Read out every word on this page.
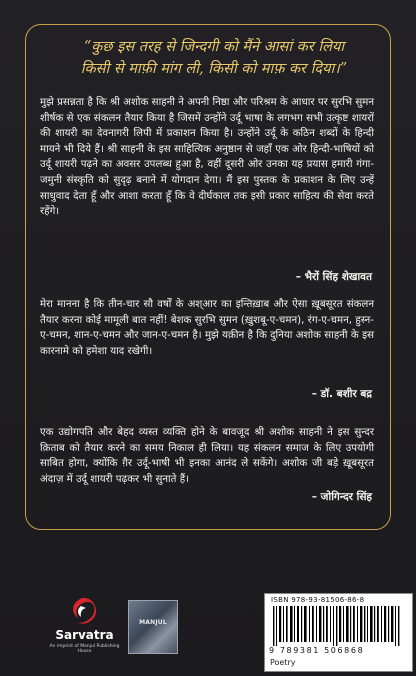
“कुछ इस तरह से जिन्दगी को मैंने आसां कर लिया
किसी से माफ़ी मांग ली, किसी को माफ़ कर दिया।”
मुझे प्रसन्नता है कि श्री अशोक साहनी ने अपनी निष्ठा और परिश्रम के आधार पर सुरभि सुमन शीर्षक से एक संकलन तैयार किया है जिसमें उन्होंने उर्दू भाषा के लगभग सभी उत्कृष्ट शायरों की शायरी का देवनागरी लिपी में प्रकाशन किया है। उन्होंने उर्दू के कठिन शब्दों के हिन्दी मायने भी दिये हैं। श्री साहनी के इस साहित्यिक अनुष्ठान से जहाँ एक ओर हिन्दी-भाषियों को उर्दू शायरी पढ़ने का अवसर उपलब्ध हुआ है, वहीं दूसरी ओर उनका यह प्रयास हमारी गंगा-जमुनी संस्कृति को सुदृढ़ बनाने में योगदान देगा। मैं इस पुस्तक के प्रकाशन के लिए उन्हें साधुवाद देता हूँ और आशा करता हूँ कि वे दीर्घकाल तक इसी प्रकार साहित्य की सेवा करते रहेंगे।
– भैरों सिंह शेखावत
मेरा मानना है कि तीन-चार सौ वर्षों के अश्आर का इन्तिख़ाब और ऐसा ख़ूबसूरत संकलन तैयार करना कोई मामूली बात नहीं! बेशक सुरभि सुमन (ख़ुशबू-ए-चमन), रंग-ए-चमन, हुस्न-ए-चमन, शान-ए-चमन और जान-ए-चमन है। मुझे यक़ीन है कि दुनिया अशोक साहनी के इस कारनामे को हमेशा याद रखेगी।
– डॉ. बशीर बद्र
एक उद्योगपति और बेहद व्यस्त व्यक्ति होने के बावजूद श्री अशोक साहनी ने इस सुन्दर क़िताब को तैयार करने का समय निकाल ही लिया। यह संकलन समाज के लिए उपयोगी साबित होगा, क्योंकि ग़ैर उर्दू-भाषी भी इनका आनंद ले सकेंगे। अशोक जी बड़े ख़ूबसूरत अंदाज़ में उर्दू शायरी पढ़कर भी सुनाते हैं।
– जोगिन्दर सिंह
Sarvatra
An imprint of Manjul Publishing House
MANJUL
ISBN 978-93-81506-86-8
9 789381 506868
Poetry
